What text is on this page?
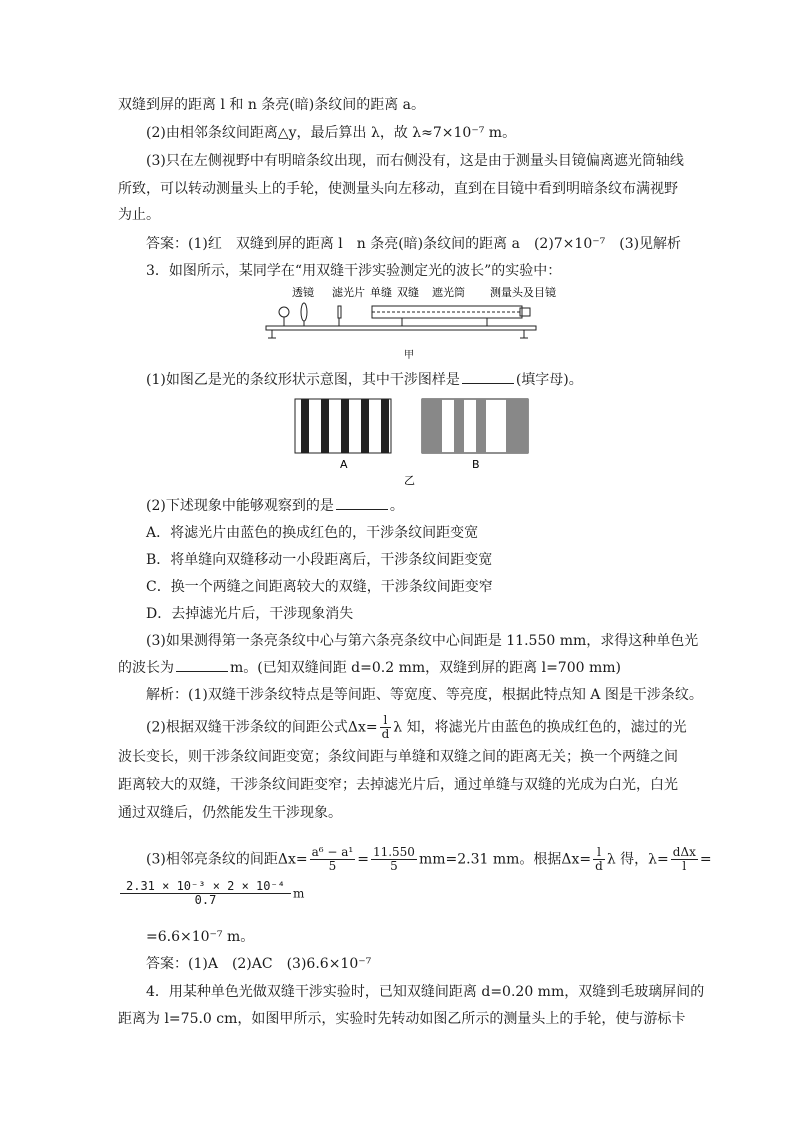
双缝到屏的距离 l 和 n 条亮(暗)条纹间的距离 a。
(2)由相邻条纹间距离△y，最后算出 λ，故 λ≈7×10⁻⁷ m。
(3)只在左侧视野中有明暗条纹出现，而右侧没有，这是由于测量头目镜偏离遮光筒轴线
所致，可以转动测量头上的手轮，使测量头向左移动，直到在目镜中看到明暗条纹布满视野
为止。
答案：(1)红　双缝到屏的距离 l　n 条亮(暗)条纹间的距离 a　(2)7×10⁻⁷　(3)见解析
3．如图所示，某同学在“用双缝干涉实验测定光的波长”的实验中：
透镜 滤光片 单缝 双缝 遮光筒 测量头及目镜
甲
(1)如图乙是光的条纹形状示意图，其中干涉图样是	(填字母)。
A	B
乙
(2)下述现象中能够观察到的是	。
A．将滤光片由蓝色的换成红色的，干涉条纹间距变宽
B．将单缝向双缝移动一小段距离后，干涉条纹间距变宽
C．换一个两缝之间距离较大的双缝，干涉条纹间距变窄
D．去掉滤光片后，干涉现象消失
(3)如果测得第一条亮条纹中心与第六条亮条纹中心间距是 11.550 mm，求得这种单色光
的波长为	m。(已知双缝间距 d=0.2 mm，双缝到屏的距离 l=700 mm)
解析：(1)双缝干涉条纹特点是等间距、等宽度、等亮度，根据此特点知 A 图是干涉条纹。
(2)根据双缝干涉条纹的间距公式$\Delta x= \frac{l}{d}$ λ 知，将滤光片由蓝色的换成红色的，滤过的光
波长变长，则干涉条纹间距变宽；条纹间距与单缝和双缝之间的距离无关；换一个两缝之间
距离较大的双缝，干涉条纹间距变窄；去掉滤光片后，通过单缝与双缝的光成为白光，白光
通过双缝后，仍然能发生干涉现象。
(3)相邻亮条纹的间距$\Delta x= \frac{\text{a⁶ − a¹}}{5} = \frac{11.550}{5} mm=2.31$ mm。根据$\Delta x= \frac{l}{d}$ λ 得，$\lambda= \frac{\text{dΔx}}{l}$ =
$\frac{\text{2.31 × 10⁻³ × 2 × 10⁻⁴}}{0.7}$ m
=6.6×10⁻⁷ m。
答案：(1)A　(2)AC　(3)6.6×10⁻⁷
4．用某种单色光做双缝干涉实验时，已知双缝间距离 d=0.20 mm，双缝到毛玻璃屏间的
距离为 l=75.0 cm，如图甲所示，实验时先转动如图乙所示的测量头上的手轮，使与游标卡
